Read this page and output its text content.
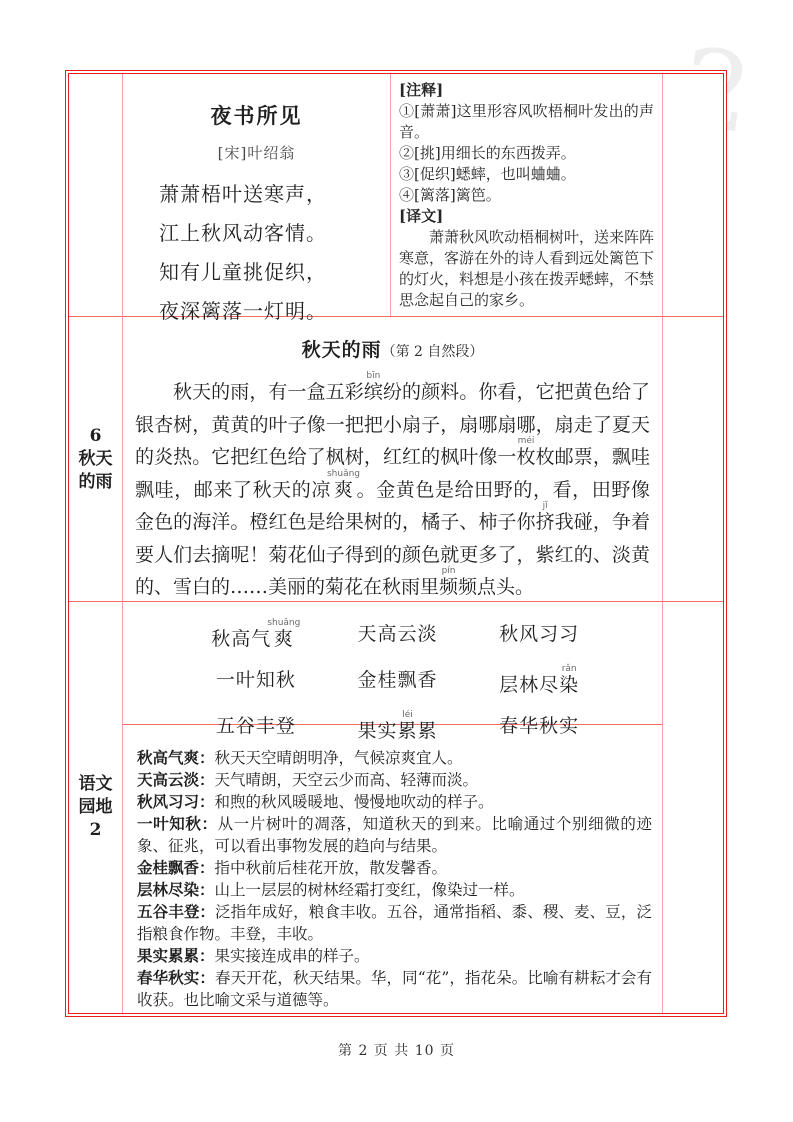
夜书所见
[宋]叶绍翁
萧萧梧叶送寒声，
江上秋风动客情。
知有儿童挑促织，
夜深篱落一灯明。
[注释]
①[萧萧]这里形容风吹梧桐叶发出的声音。
②[挑]用细长的东西拨弄。
③[促织]蟋蟀，也叫蛐蛐。
④[篱落]篱笆。
[译文]
萧萧秋风吹动梧桐树叶，送来阵阵寒意，客游在外的诗人看到远处篱笆下的灯火，料想是小孩在拨弄蟋蟀，不禁思念起自己的家乡。
6
秋天
的雨
秋天的雨（第 2 自然段）
秋天的雨，有一盒五彩缤bīn纷的颜料。你看，它把黄色给了银杏树，黄黄的叶子像一把把小扇子，扇哪扇哪，扇走了夏天的炎热。它把红色给了枫树，红红的枫叶像一枚méi枚邮票，飘哇飘哇，邮来了秋天的凉爽shuǎng。金黄色是给田野的，看，田野像金色的海洋。橙红色是给果树的，橘子、柿子你挤jǐ我碰，争着要人们去摘呢！菊花仙子得到的颜色就更多了，紫红的、淡黄的、雪白的……美丽的菊花在秋雨里频pín频点头。
语文
园地
2
秋高气爽shuǎng	天高云淡	秋风习习
一叶知秋	金桂飘香	层林尽染rǎn
五谷丰登	果实累léi累	春华秋实
秋高气爽：秋天天空晴朗明净，气候凉爽宜人。
天高云淡：天气晴朗，天空云少而高、轻薄而淡。
秋风习习：和煦的秋风暖暖地、慢慢地吹动的样子。
一叶知秋：从一片树叶的凋落，知道秋天的到来。比喻通过个别细微的迹象、征兆，可以看出事物发展的趋向与结果。
金桂飘香：指中秋前后桂花开放，散发馨香。
层林尽染：山上一层层的树林经霜打变红，像染过一样。
五谷丰登：泛指年成好，粮食丰收。五谷，通常指稻、黍、稷、麦、豆，泛指粮食作物。丰登，丰收。
果实累累：果实接连成串的样子。
春华秋实：春天开花，秋天结果。华，同“花”，指花朵。比喻有耕耘才会有收获。也比喻文采与道德等。
第 2 页 共 10 页
